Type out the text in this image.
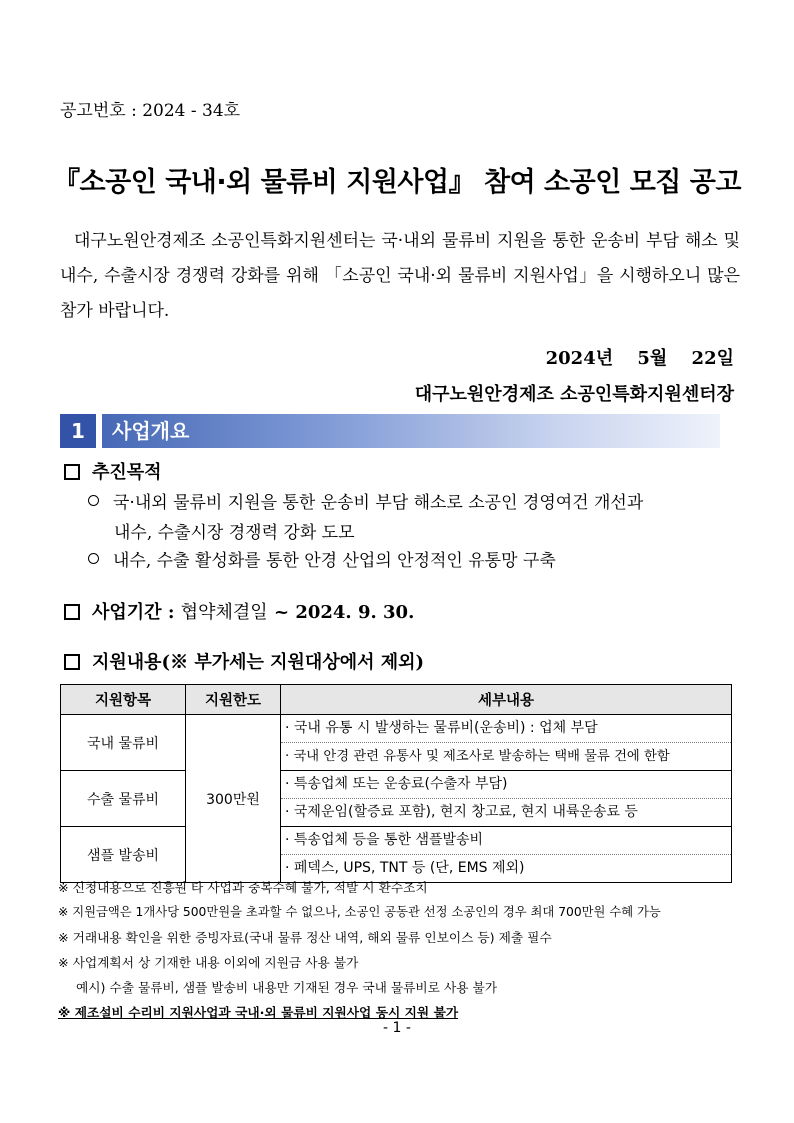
공고번호 : 2024 - 34호
『소공인 국내·외 물류비 지원사업』 참여 소공인 모집 공고
대구노원안경제조 소공인특화지원센터는 국·내외 물류비 지원을 통한 운송비 부담 해소 및 내수, 수출시장 경쟁력 강화를 위해 「소공인 국내·외 물류비 지원사업」을 시행하오니 많은 참가 바랍니다.
2024년 5월 22일
대구노원안경제조 소공인특화지원센터장
1	사업개요
추진목적
국·내외 물류비 지원을 통한 운송비 부담 해소로 소공인 경영여건 개선과
내수, 수출시장 경쟁력 강화 도모
내수, 수출 활성화를 통한 안경 산업의 안정적인 유통망 구축
사업기간 : 협약체결일 ~ 2024. 9. 30.
지원내용(※ 부가세는 지원대상에서 제외)
지원항목	지원한도	세부내용
국내 물류비	300만원	· 국내 유통 시 발생하는 물류비(운송비) : 업체 부담
· 국내 안경 관련 유통사 및 제조사로 발송하는 택배 물류 건에 한함

수출 물류비		· 특송업체 또는 운송료(수출자 부담)
· 국제운임(할증료 포함), 현지 창고료, 현지 내륙운송료 등

샘플 발송비		· 특송업체 등을 통한 샘플발송비
· 페덱스, UPS, TNT 등 (단, EMS 제외)
※ 신청내용으로 진흥원 타 사업과 중복수혜 불가, 적발 시 환수조치
※ 지원금액은 1개사당 500만원을 초과할 수 없으나, 소공인 공동관 선정 소공인의 경우 최대 700만원 수혜 가능
※ 거래내용 확인을 위한 증빙자료(국내 물류 정산 내역, 해외 물류 인보이스 등) 제출 필수
※ 사업계획서 상 기재한 내용 이외에 지원금 사용 불가
예시) 수출 물류비, 샘플 발송비 내용만 기재된 경우 국내 물류비로 사용 불가
※ 제조설비 수리비 지원사업과 국내·외 물류비 지원사업 동시 지원 불가
- 1 -
